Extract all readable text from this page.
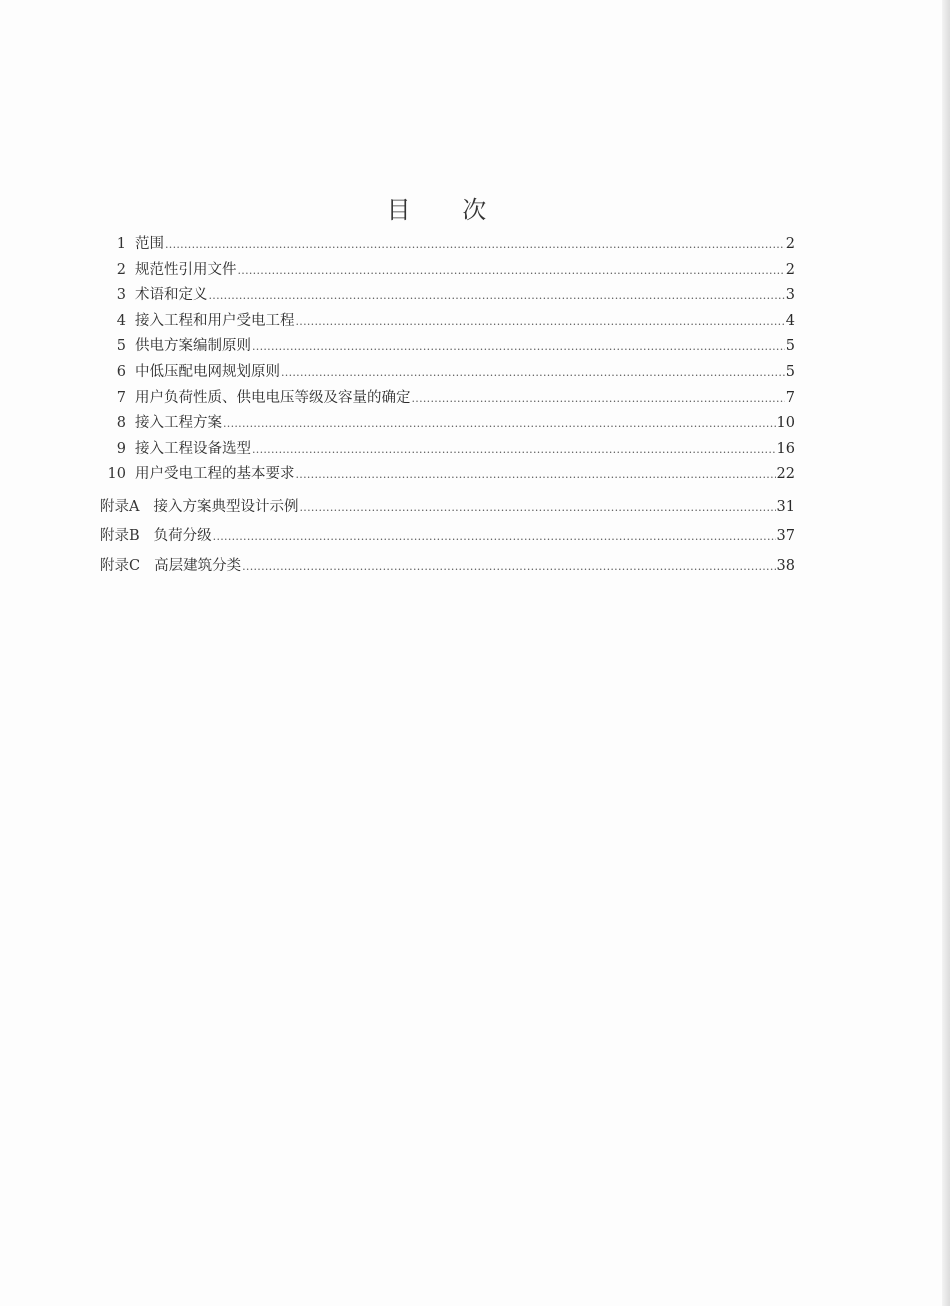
目 次
1 范围 .....	2
2 规范性引用文件 .....	2
3 术语和定义 .....	3
4 接入工程和用户受电工程 .....	4
5 供电方案编制原则 .....	5
6 中低压配电网规划原则 .....	5
7 用户负荷性质、供电电压等级及容量的确定 .....	7
8 接入工程方案 .....	10
9 接入工程设备选型 .....	16
10 用户受电工程的基本要求 .....	22
附录A 接入方案典型设计示例 .....	31
附录B 负荷分级 .....	37
附录C 高层建筑分类 .....	38
